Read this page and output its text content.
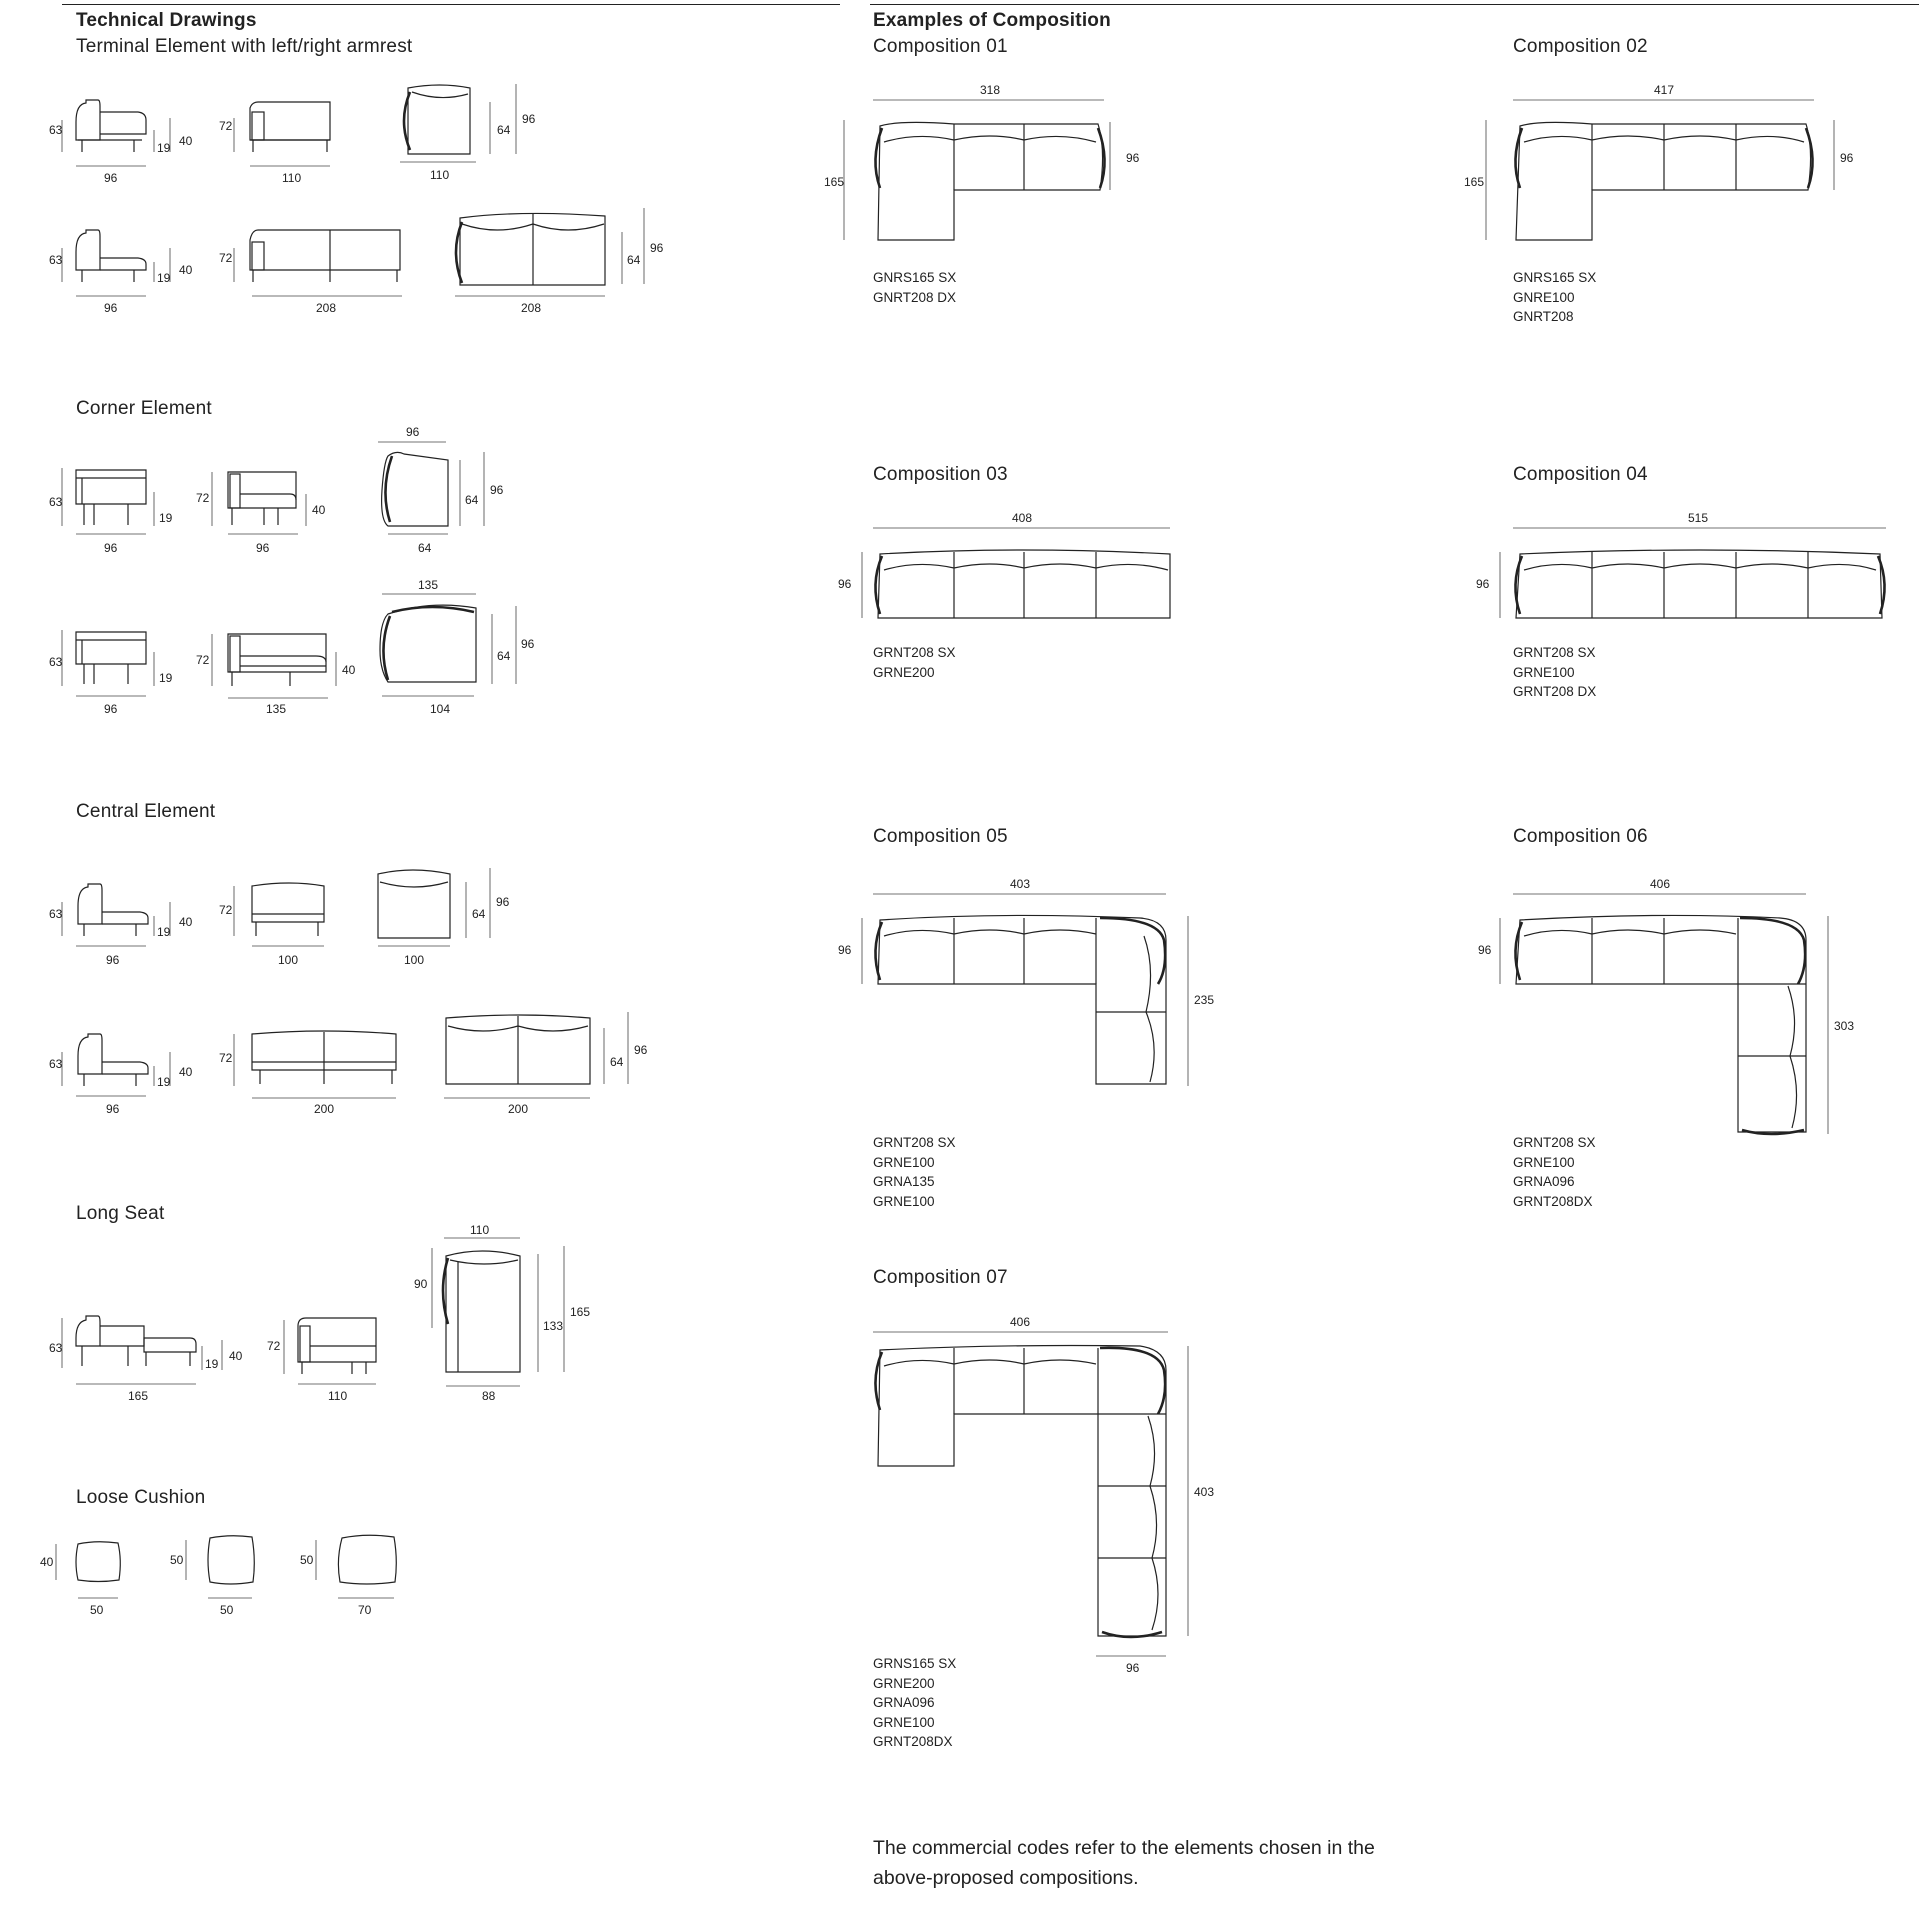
Technical Drawings
Terminal Element with left/right armrest
Corner Element
Central Element
Long Seat
Loose Cushion
Examples of Composition
Composition 01	Composition 02
Composition 03	Composition 04
Composition 05	Composition 06
Composition 07
GNRS165 SX
GNRT208 DX
GNRS165 SX
GNRE100
GNRT208
GRNT208 SX
GRNE200
GRNT208 SX
GRNE100
GRNT208 DX
GRNT208 SX
GRNE100
GRNA135
GRNE100
GRNT208 SX
GRNE100
GRNA096
GRNT208DX
GRNS165 SX
GRNE200
GRNA096
GRNE100
GRNT208DX
The commercial codes refer to the elements chosen in the above-proposed compositions.
63
19 40
96
72
110
64
96
110
63
19
40
96
72
208
64
96
208
63
19
96
72
40
96
96
64
96
64
63
19
96
72
40
135
135
64
96
104
63
19
40
96
72
100
64
96
100
63
19
40
96
72
200
64
96
200
63
19
40
165
72
110
110
90
133
165
88
40
50
50
50
50
70
318
165
96
417
165
96
408
96
515
96
403
96
235
406
96
303
406
403
96
